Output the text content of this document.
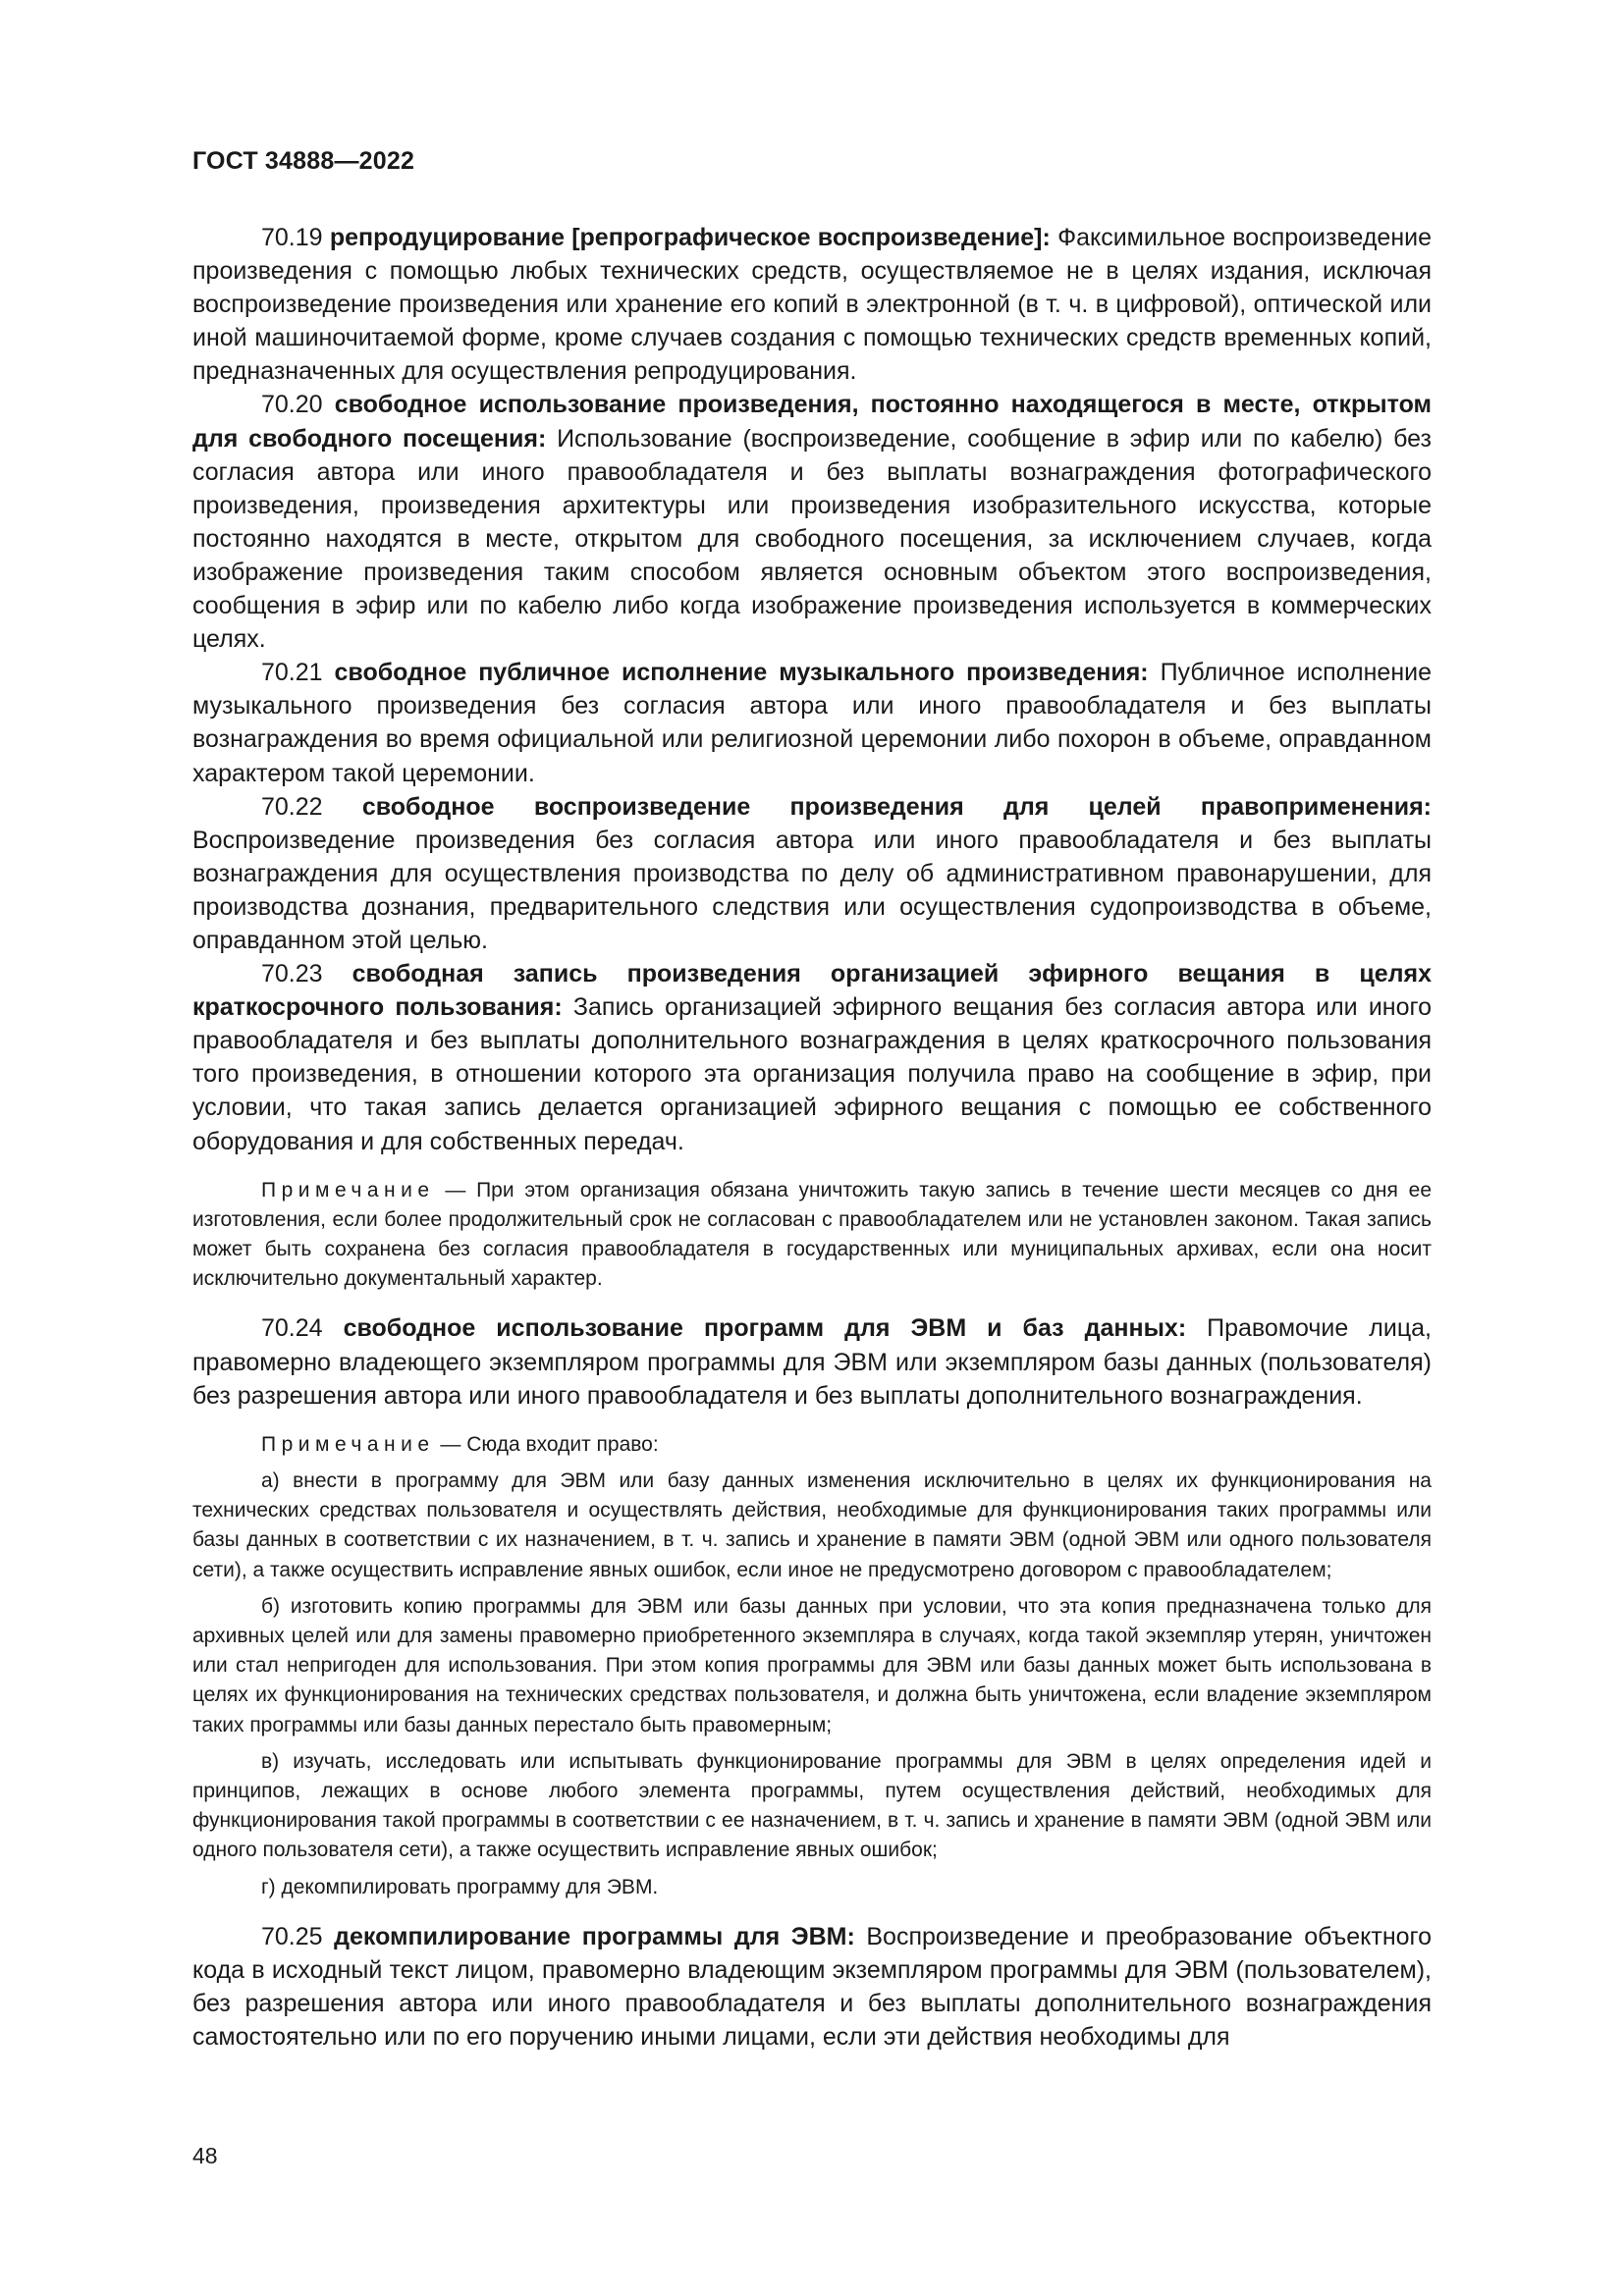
ГОСТ 34888—2022

70.19 репродуцирование [репрографическое воспроизведение]: Факсимильное воспроизведение произведения с помощью любых технических средств, осуществляемое не в целях издания, исключая воспроизведение произведения или хранение его копий в электронной (в т. ч. в цифровой), оптической или иной машиночитаемой форме, кроме случаев создания с помощью технических средств временных копий, предназначенных для осуществления репродуцирования.

70.20 свободное использование произведения, постоянно находящегося в месте, открытом для свободного посещения: Использование (воспроизведение, сообщение в эфир или по кабелю) без согласия автора или иного правообладателя и без выплаты вознаграждения фотографического произведения, произведения архитектуры или произведения изобразительного искусства, которые постоянно находятся в месте, открытом для свободного посещения, за исключением случаев, когда изображение произведения таким способом является основным объектом этого воспроизведения, сообщения в эфир или по кабелю либо когда изображение произведения используется в коммерческих целях.

70.21 свободное публичное исполнение музыкального произведения: Публичное исполнение музыкального произведения без согласия автора или иного правообладателя и без выплаты вознаграждения во время официальной или религиозной церемонии либо похорон в объеме, оправданном характером такой церемонии.

70.22 свободное воспроизведение произведения для целей правоприменения: Воспроизведение произведения без согласия автора или иного правообладателя и без выплаты вознаграждения для осуществления производства по делу об административном правонарушении, для производства дознания, предварительного следствия или осуществления судопроизводства в объеме, оправданном этой целью.

70.23 свободная запись произведения организацией эфирного вещания в целях краткосрочного пользования: Запись организацией эфирного вещания без согласия автора или иного правообладателя и без выплаты дополнительного вознаграждения в целях краткосрочного пользования того произведения, в отношении которого эта организация получила право на сообщение в эфир, при условии, что такая запись делается организацией эфирного вещания с помощью ее собственного оборудования и для собственных передач.

Примечание — При этом организация обязана уничтожить такую запись в течение шести месяцев со дня ее изготовления, если более продолжительный срок не согласован с правообладателем или не установлен законом. Такая запись может быть сохранена без согласия правообладателя в государственных или муниципальных архивах, если она носит исключительно документальный характер.

70.24 свободное использование программ для ЭВМ и баз данных: Правомочие лица, правомерно владеющего экземпляром программы для ЭВМ или экземпляром базы данных (пользователя) без разрешения автора или иного правообладателя и без выплаты дополнительного вознаграждения.

Примечание — Сюда входит право:

а) внести в программу для ЭВМ или базу данных изменения исключительно в целях их функционирования на технических средствах пользователя и осуществлять действия, необходимые для функционирования таких программы или базы данных в соответствии с их назначением, в т. ч. запись и хранение в памяти ЭВМ (одной ЭВМ или одного пользователя сети), а также осуществить исправление явных ошибок, если иное не предусмотрено договором с правообладателем;

б) изготовить копию программы для ЭВМ или базы данных при условии, что эта копия предназначена только для архивных целей или для замены правомерно приобретенного экземпляра в случаях, когда такой экземпляр утерян, уничтожен или стал непригоден для использования. При этом копия программы для ЭВМ или базы данных может быть использована в целях их функционирования на технических средствах пользователя, и должна быть уничтожена, если владение экземпляром таких программы или базы данных перестало быть правомерным;

в) изучать, исследовать или испытывать функционирование программы для ЭВМ в целях определения идей и принципов, лежащих в основе любого элемента программы, путем осуществления действий, необходимых для функционирования такой программы в соответствии с ее назначением, в т. ч. запись и хранение в памяти ЭВМ (одной ЭВМ или одного пользователя сети), а также осуществить исправление явных ошибок;

г) декомпилировать программу для ЭВМ.

70.25 декомпилирование программы для ЭВМ: Воспроизведение и преобразование объектного кода в исходный текст лицом, правомерно владеющим экземпляром программы для ЭВМ (пользователем), без разрешения автора или иного правообладателя и без выплаты дополнительного вознаграждения самостоятельно или по его поручению иными лицами, если эти действия необходимы для

48
